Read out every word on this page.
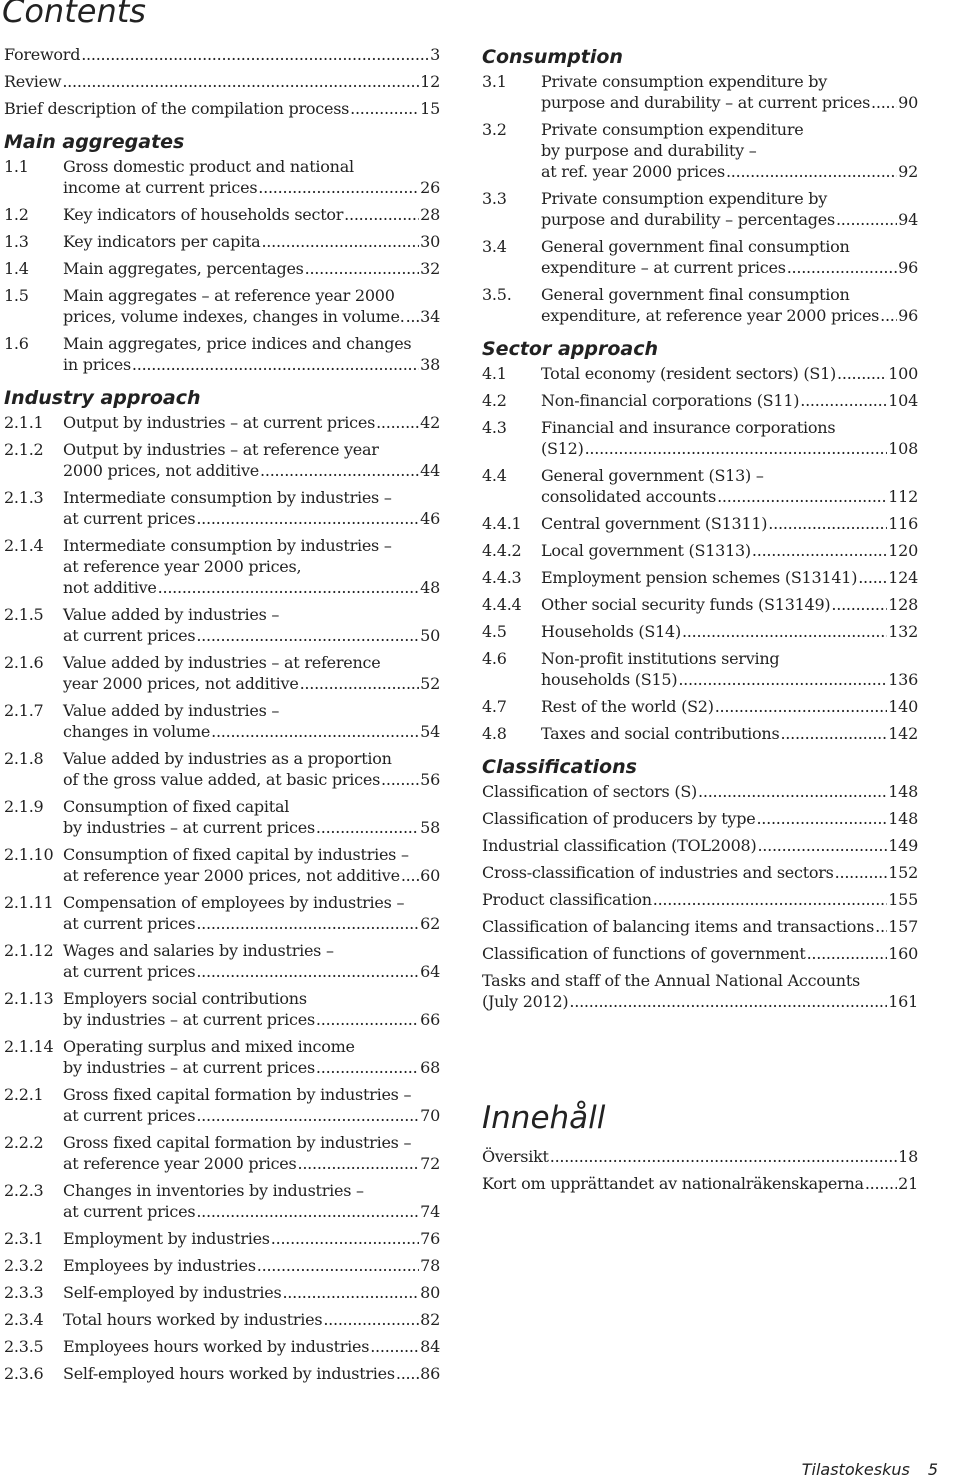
Contents
Foreword .....	3
Review .....	12
Brief description of the compilation process .....	15
Main aggregates
1.1	Gross domestic product and national
income at current prices .....	26
1.2	Key indicators of households sector .....	28
1.3	Key indicators per capita .....	30
1.4	Main aggregates, percentages .....	32
1.5	Main aggregates – at reference year 2000
prices, volume indexes, changes in volume. ..... 34
1.6	Main aggregates, price indices and changes
in prices .....	38
Industry approach
2.1.1	Output by industries – at current prices .....	42
2.1.2	Output by industries – at reference year
2000 prices, not additive .....	44
2.1.3	Intermediate consumption by industries –
at current prices .....	46
2.1.4	Intermediate consumption by industries –
at reference year 2000 prices,
not additive .....	48
2.1.5	Value added by industries –
at current prices .....	50
2.1.6	Value added by industries – at reference
year 2000 prices, not additive .....	52
2.1.7	Value added by industries –
changes in volume .....	54
2.1.8	Value added by industries as a proportion
of the gross value added, at basic prices .....	56
2.1.9	Consumption of fixed capital
by industries – at current prices .....	58
2.1.10 Consumption of fixed capital by industries –
at reference year 2000 prices, not additive ..... 60
2.1.11 Compensation of employees by industries –
at current prices .....	62
2.1.12 Wages and salaries by industries –
at current prices .....	64
2.1.13 Employers social contributions
by industries – at current prices .....	66
2.1.14 Operating surplus and mixed income
by industries – at current prices .....	68
2.2.1	Gross fixed capital formation by industries –
at current prices .....	70
2.2.2	Gross fixed capital formation by industries –
at reference year 2000 prices .....	72
2.2.3	Changes in inventories by industries –
at current prices .....	74
2.3.1	Employment by industries .....	76
2.3.2	Employees by industries .....	78
2.3.3	Self-employed by industries .....	80
2.3.4	Total hours worked by industries .....	82
2.3.5	Employees hours worked by industries .....	84
2.3.6	Self-employed hours worked by industries ..... 86
Consumption
3.1	Private consumption expenditure by
purpose and durability – at current prices ..... 90
3.2	Private consumption expenditure
by purpose and durability –
at ref. year 2000 prices .....	92
3.3	Private consumption expenditure by
purpose and durability – percentages .....	94
3.4	General government final consumption
expenditure – at current prices .....	96
3.5.	General government final consumption
expenditure, at reference year 2000 prices ..... 96
Sector approach
4.1	Total economy (resident sectors) (S1) .....	100
4.2	Non-financial corporations (S11) .....	104
4.3	Financial and insurance corporations
(S12) .....	108
4.4	General government (S13) –
consolidated accounts .....	112
4.4.1	Central government (S1311) .....	116
4.4.2	Local government (S1313) .....	120
4.4.3	Employment pension schemes (S13141) ..... 124
4.4.4	Other social security funds (S13149) .....	128
4.5	Households (S14) .....	132
4.6	Non-profit institutions serving
households (S15) .....	136
4.7	Rest of the world (S2) .....	140
4.8	Taxes and social contributions .....	142
Classifications
Classification of sectors (S) .....	148
Classification of producers by type .....	148
Industrial classification (TOL2008) .....	149
Cross-classification of industries and sectors .....	152
Product classification .....	155
Classification of balancing items and transactions ..... 157
Classification of functions of government .....	160
Tasks and staff of the Annual National Accounts
(July 2012) .....	161
Innehåll
Översikt .....	18
Kort om upprättandet av nationalräkenskaperna ..... 21
Tilastokeskus 5
